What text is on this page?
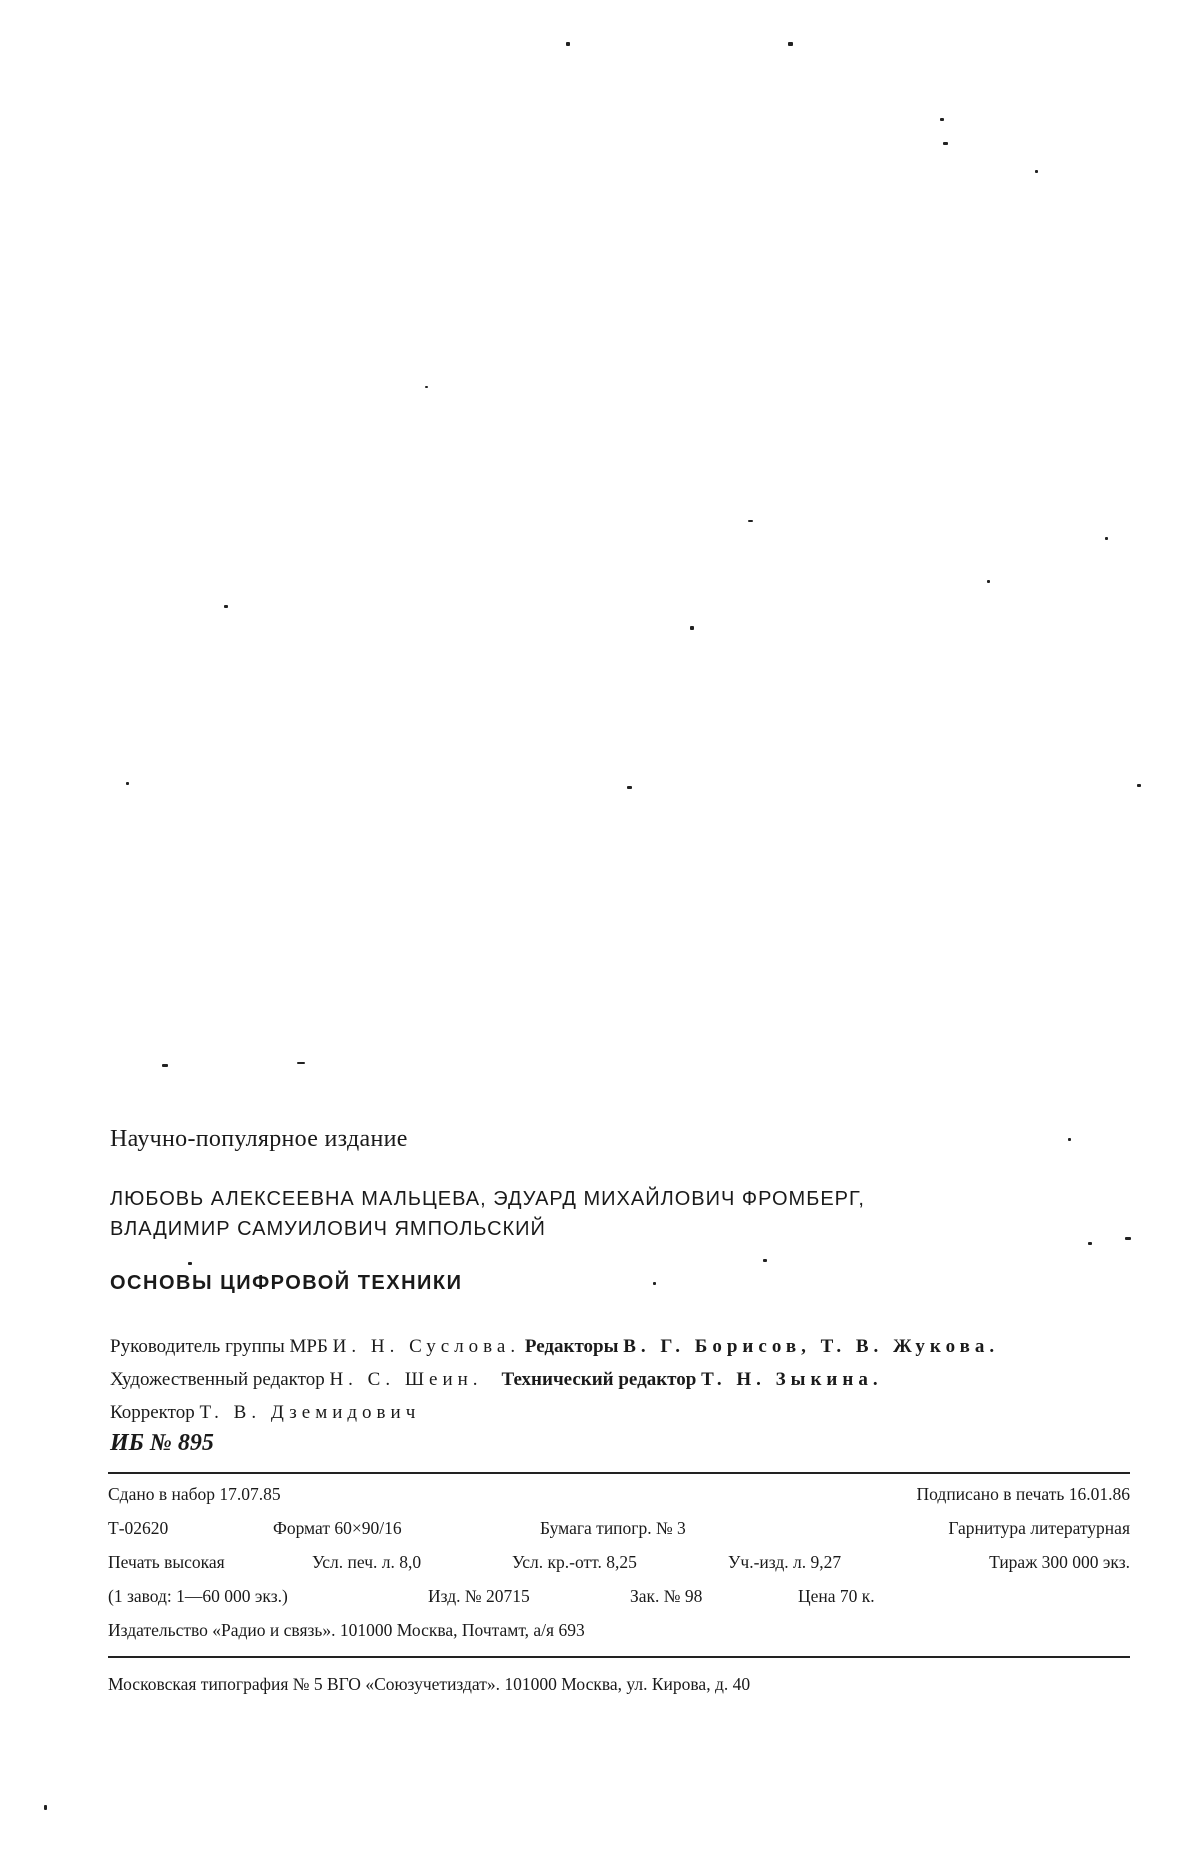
Научно-популярное издание
ЛЮБОВЬ АЛЕКСЕЕВНА МАЛЬЦЕВА, ЭДУАРД МИХАЙЛОВИЧ ФРОМБЕРГ,
ВЛАДИМИР САМУИЛОВИЧ ЯМПОЛЬСКИЙ
ОСНОВЫ ЦИФРОВОЙ ТЕХНИКИ
Руководитель группы МРБ И. Н. Суслова. Редакторы В. Г. Борисов, Т. В. Жукова.
Художественный редактор Н. С. Шеин. Технический редактор Т. Н. Зыкина.
Корректор Т. В. Дземидович
ИБ № 895
Сдано в набор 17.07.85	Подписано в печать 16.01.86
Т-02620	Формат 60×90/16	Бумага типогр. № 3	Гарнитура литературная
Печать высокая	Усл. печ. л. 8,0	Усл. кр.-отт. 8,25	Уч.-изд. л. 9,27	Тираж 300 000 экз.
(1 завод: 1—60 000 экз.)	Изд. № 20715	Зак. № 98	Цена 70 к.
Издательство «Радио и связь». 101000 Москва, Почтамт, а/я 693
Московская типография № 5 ВГО «Союзучетиздат». 101000 Москва, ул. Кирова, д. 40
